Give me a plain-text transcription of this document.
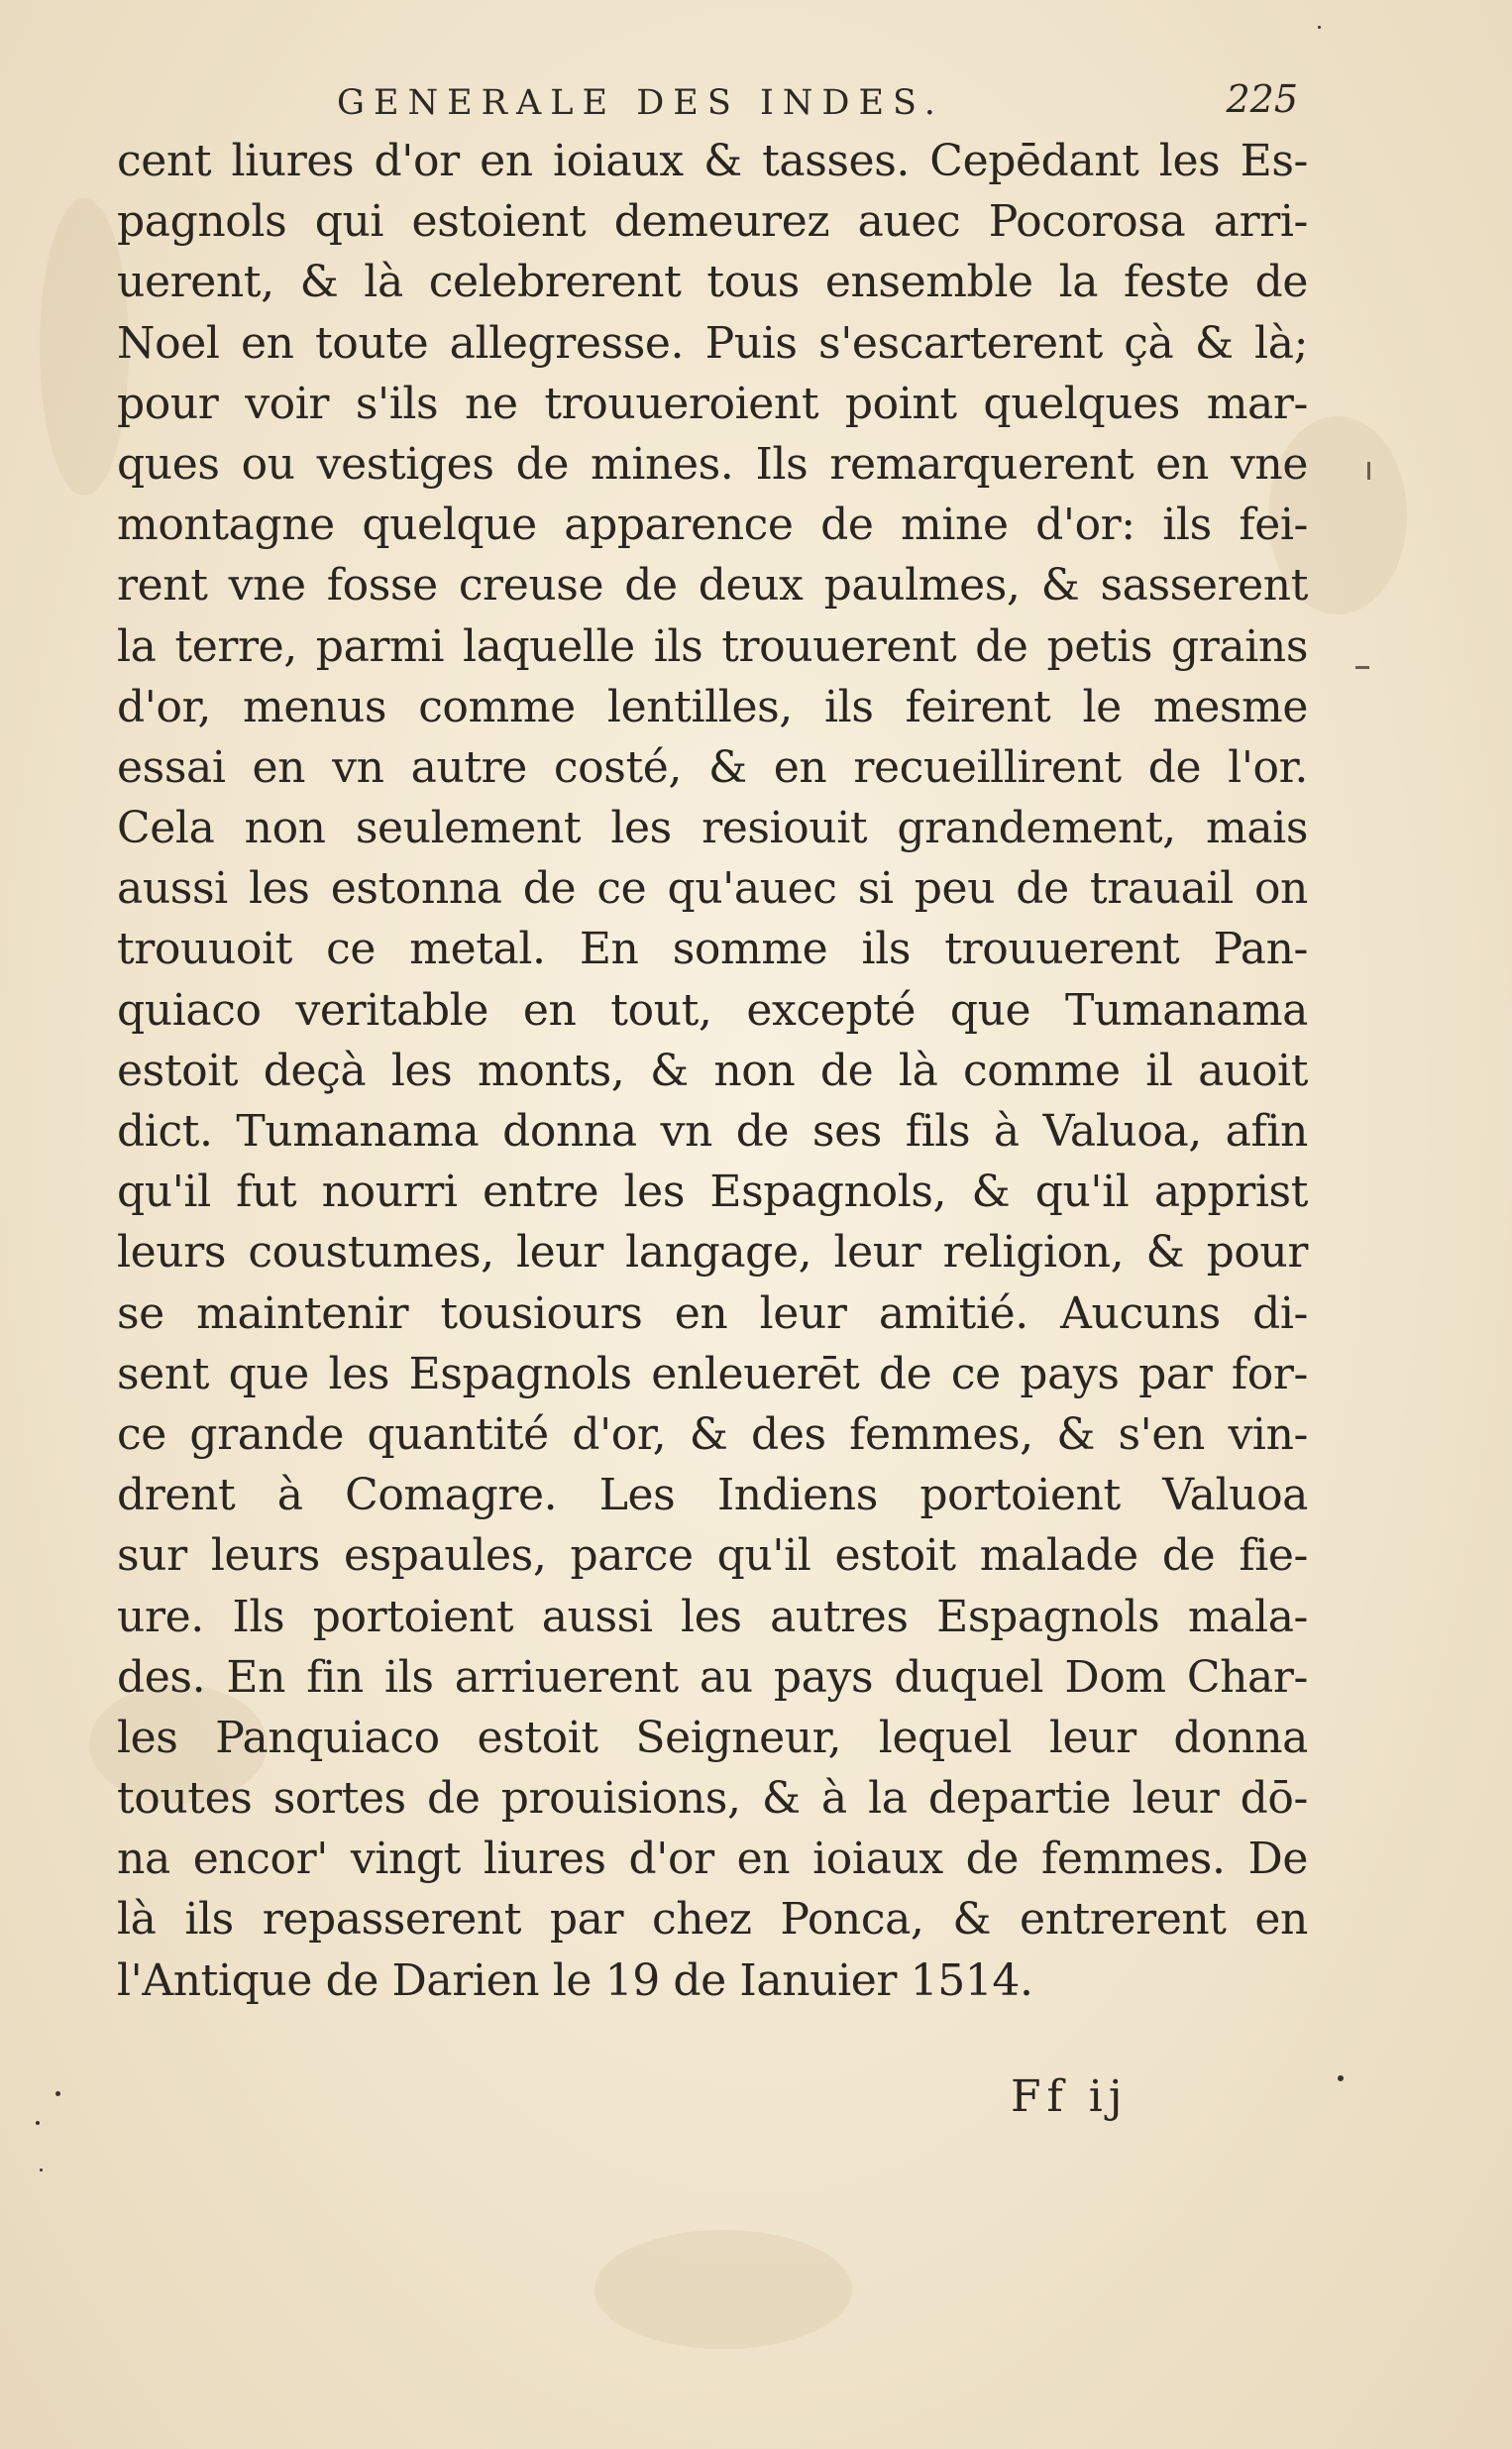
GENERALE DES INDES.	225
cent liures d'or en ioiaux & tasses. Cepēdant les Es-
pagnols qui estoient demeurez auec Pocorosa arri-
uerent, & là celebrerent tous ensemble la feste de
Noel en toute allegresse. Puis s'escarterent çà & là;
pour voir s'ils ne trouueroient point quelques mar-
ques ou vestiges de mines. Ils remarquerent en vne
montagne quelque apparence de mine d'or: ils fei-
rent vne fosse creuse de deux paulmes, & sasserent
la terre, parmi laquelle ils trouuerent de petis grains
d'or, menus comme lentilles, ils feirent le mesme
essai en vn autre costé, & en recueillirent de l'or.
Cela non seulement les resiouit grandement, mais
aussi les estonna de ce qu'auec si peu de trauail on
trouuoit ce metal. En somme ils trouuerent Pan-
quiaco veritable en tout, excepté que Tumanama
estoit deçà les monts, & non de là comme il auoit
dict. Tumanama donna vn de ses fils à Valuoa, afin
qu'il fut nourri entre les Espagnols, & qu'il apprist
leurs coustumes, leur langage, leur religion, & pour
se maintenir tousiours en leur amitié. Aucuns di-
sent que les Espagnols enleuerēt de ce pays par for-
ce grande quantité d'or, & des femmes, & s'en vin-
drent à Comagre. Les Indiens portoient Valuoa
sur leurs espaules, parce qu'il estoit malade de fie-
ure. Ils portoient aussi les autres Espagnols mala-
des. En fin ils arriuerent au pays duquel Dom Char-
les Panquiaco estoit Seigneur, lequel leur donna
toutes sortes de prouisions, & à la departie leur dō-
na encor' vingt liures d'or en ioiaux de femmes. De
là ils repasserent par chez Ponca, & entrerent en
l'Antique de Darien le 19 de Ianuier 1514.
Ff ij
